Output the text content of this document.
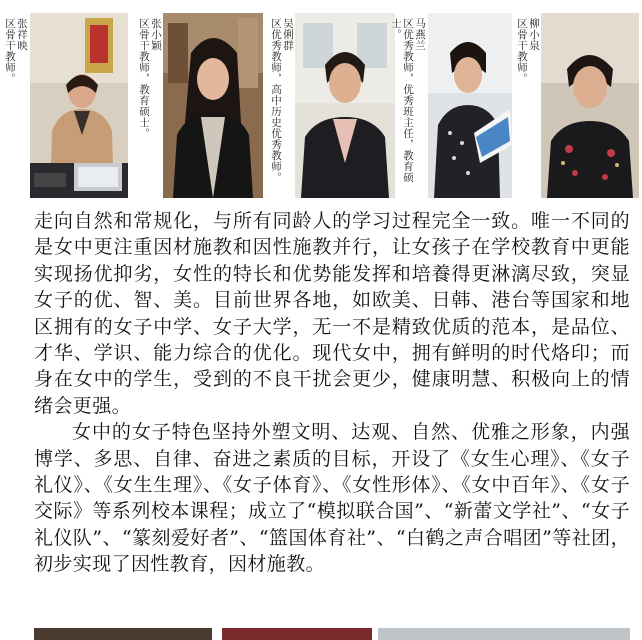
张祥映
区骨干教师。	张小颖
区骨干教师，教育硕士。	吴俐群
区优秀教师，高中历史优秀教师。	马燕兰
区优秀教师，优秀班主任，教育硕士。	柳小泉
区骨干教师。

走向自然和常规化，与所有同龄人的学习过程完全一致。唯一不同的是女中更注重因材施教和因性施教并行，让女孩子在学校教育中更能实现扬优抑劣，女性的特长和优势能发挥和培養得更淋漓尽致，突显女子的优、智、美。目前世界各地，如欧美、日韩、港台等国家和地区拥有的女子中学、女子大学，无一不是精致优质的范本，是品位、才华、学识、能力综合的优化。现代女中，拥有鲜明的时代烙印；而身在女中的学生，受到的不良干扰会更少，健康明慧、积极向上的情绪会更强。

女中的女子特色坚持外塑文明、达观、自然、优雅之形象，内强博学、多思、自律、奋进之素质的目标，开设了《女生心理》、《女子礼仪》、《女生生理》、《女子体育》、《女性形体》、《女中百年》、《女子交际》等系列校本课程；成立了“模拟联合国”、“新蕾文学社”、“女子礼仪队”、“篆刻爱好者”、“篮国体育社”、“白鹤之声合唱团”等社团，初步实现了因性教育，因材施教。
